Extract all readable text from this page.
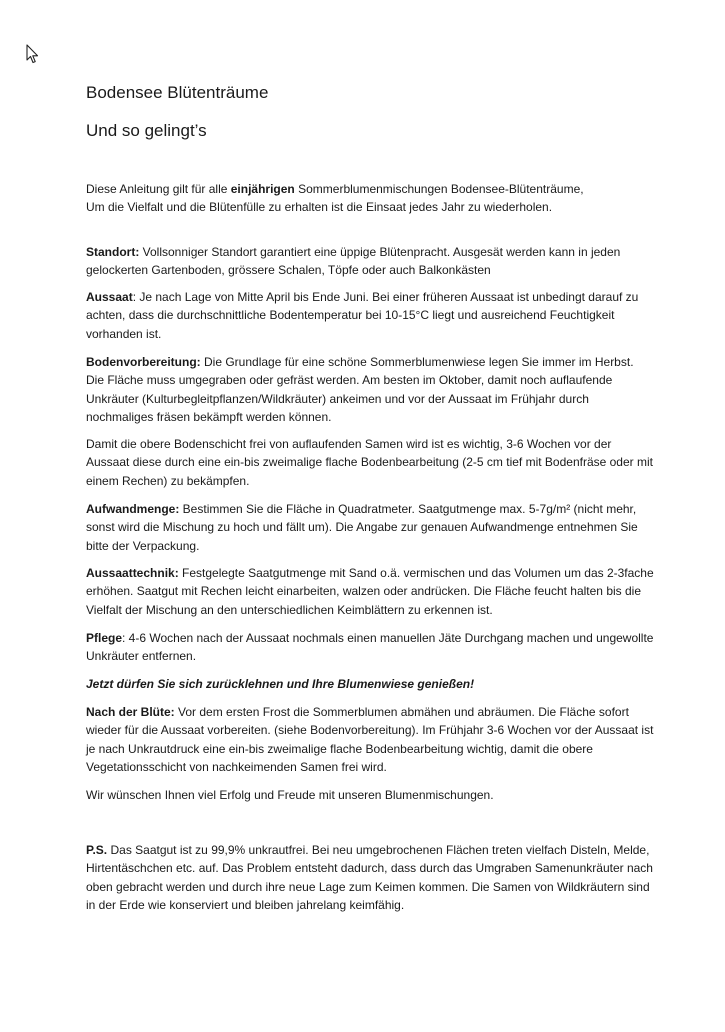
Bodensee Blütenträume
Und so gelingt’s

Diese Anleitung gilt für alle einjährigen Sommerblumenmischungen Bodensee-Blütenträume,
Um die Vielfalt und die Blütenfülle zu erhalten ist die Einsaat jedes Jahr zu wiederholen.

Standort: Vollsonniger Standort garantiert eine üppige Blütenpracht. Ausgesät werden kann in jeden gelockerten Gartenboden, grössere Schalen, Töpfe oder auch Balkonkästen

Aussaat: Je nach Lage von Mitte April bis Ende Juni. Bei einer früheren Aussaat ist unbedingt darauf zu achten, dass die durchschnittliche Bodentemperatur bei 10-15°C liegt und ausreichend Feuchtigkeit vorhanden ist.

Bodenvorbereitung: Die Grundlage für eine schöne Sommerblumenwiese legen Sie immer im Herbst. Die Fläche muss umgegraben oder gefräst werden. Am besten im Oktober, damit noch auflaufende Unkräuter (Kulturbegleitpflanzen/Wildkräuter) ankeimen und vor der Aussaat im Frühjahr durch nochmaliges fräsen bekämpft werden können.

Damit die obere Bodenschicht frei von auflaufenden Samen wird ist es wichtig, 3-6 Wochen vor der Aussaat diese durch eine ein-bis zweimalige flache Bodenbearbeitung (2-5 cm tief mit Bodenfräse oder mit einem Rechen) zu bekämpfen.

Aufwandmenge: Bestimmen Sie die Fläche in Quadratmeter. Saatgutmenge max. 5-7g/m² (nicht mehr, sonst wird die Mischung zu hoch und fällt um). Die Angabe zur genauen Aufwandmenge entnehmen Sie bitte der Verpackung.

Aussaattechnik: Festgelegte Saatgutmenge mit Sand o.ä. vermischen und das Volumen um das 2-3fache erhöhen. Saatgut mit Rechen leicht einarbeiten, walzen oder andrücken. Die Fläche feucht halten bis die Vielfalt der Mischung an den unterschiedlichen Keimblättern zu erkennen ist.

Pflege: 4-6 Wochen nach der Aussaat nochmals einen manuellen Jäte Durchgang machen und ungewollte Unkräuter entfernen.

Jetzt dürfen Sie sich zurücklehnen und Ihre Blumenwiese genießen!

Nach der Blüte: Vor dem ersten Frost die Sommerblumen abmähen und abräumen. Die Fläche sofort wieder für die Aussaat vorbereiten. (siehe Bodenvorbereitung). Im Frühjahr 3-6 Wochen vor der Aussaat ist je nach Unkrautdruck eine ein-bis zweimalige flache Bodenbearbeitung wichtig, damit die obere Vegetationsschicht von nachkeimenden Samen frei wird.

Wir wünschen Ihnen viel Erfolg und Freude mit unseren Blumenmischungen.

P.S. Das Saatgut ist zu 99,9% unkrautfrei. Bei neu umgebrochenen Flächen treten vielfach Disteln, Melde, Hirtentäschchen etc. auf. Das Problem entsteht dadurch, dass durch das Umgraben Samenunkräuter nach oben gebracht werden und durch ihre neue Lage zum Keimen kommen. Die Samen von Wildkräutern sind in der Erde wie konserviert und bleiben jahrelang keimfähig.
